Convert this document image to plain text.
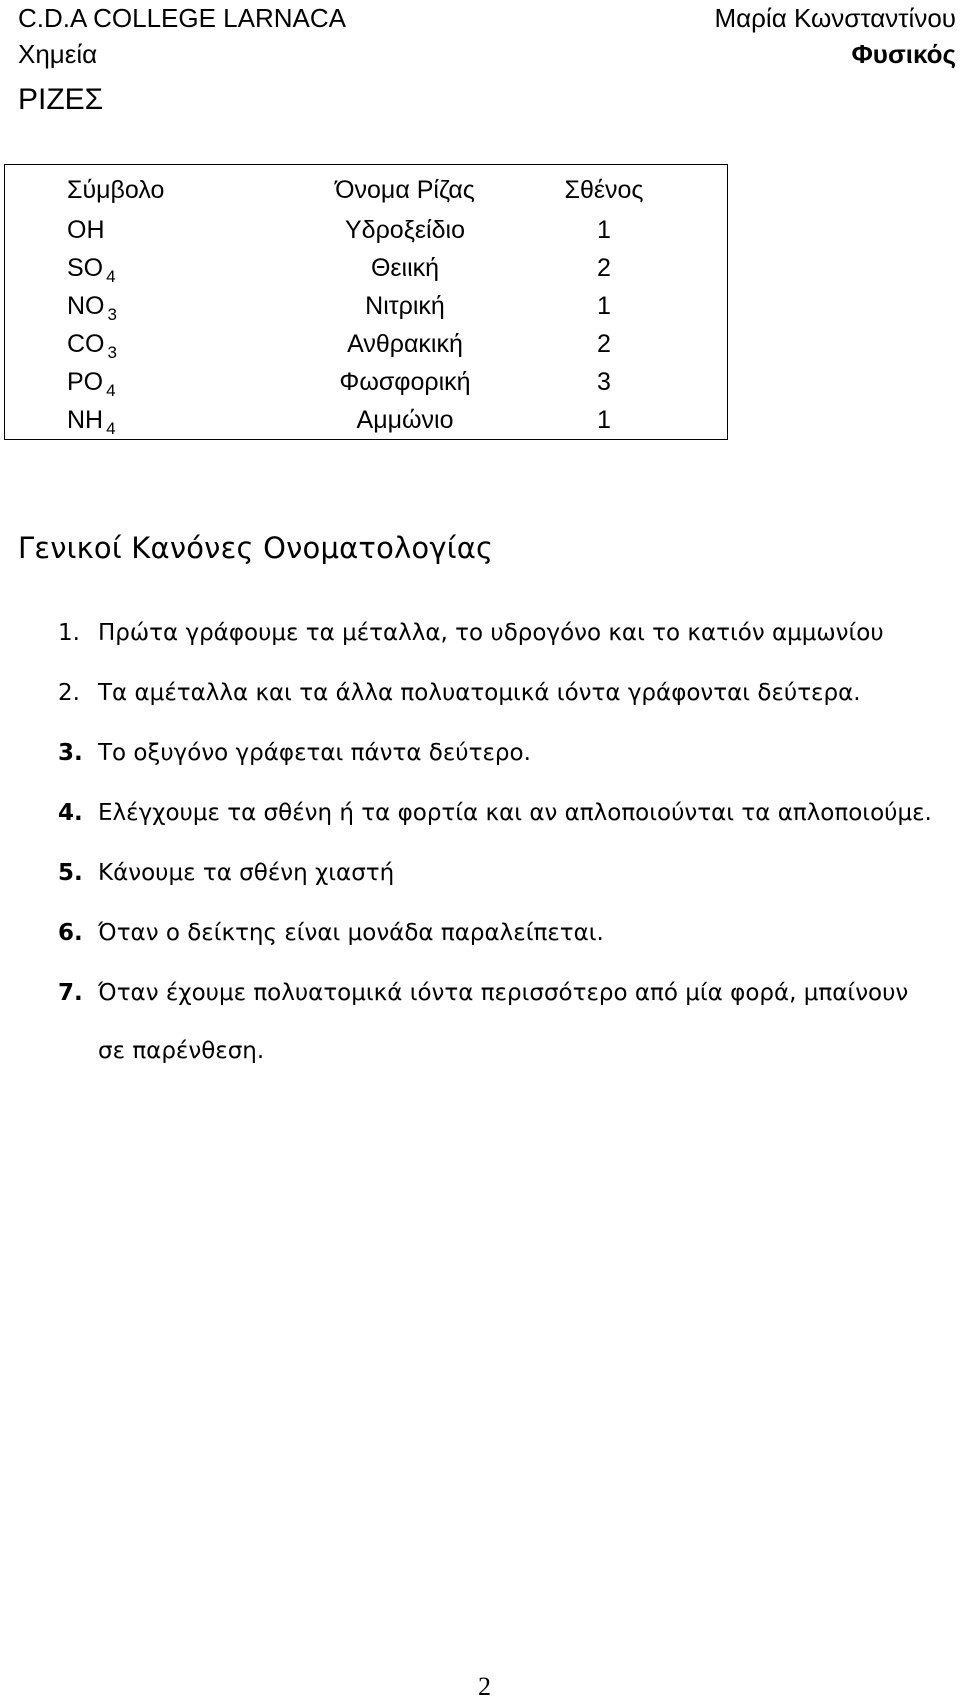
C.D.A COLLEGE LARNACA
Χημεία
Μαρία Κωνσταντίνου
Φυσικός
ΡΙΖΕΣ
Σύμβολο	Όνομα Ρίζας	Σθένος
OH	Υδροξείδιο	1
SO $_4$	Θειική	2
NO $_3$	Νιτρική	1
CO $_3$	Ανθρακική	2
PO $_4$	Φωσφορική	3
NH $_4$	Αμμώνιο	1
Γενικοί Κανόνες Ονοματολογίας
1. Πρώτα γράφουμε τα μέταλλα, το υδρογόνο και το κατιόν αμμωνίου
2. Τα αμέταλλα και τα άλλα πολυατομικά ιόντα γράφονται δεύτερα.
3. Το οξυγόνο γράφεται πάντα δεύτερο.
4. Ελέγχουμε τα σθένη ή τα φορτία και αν απλοποιούνται τα απλοποιούμε.
5. Κάνουμε τα σθένη χιαστή
6. Όταν ο δείκτης είναι μονάδα παραλείπεται.
7. Όταν έχουμε πολυατομικά ιόντα περισσότερο από μία φορά, μπαίνουν
σε παρένθεση.
2
